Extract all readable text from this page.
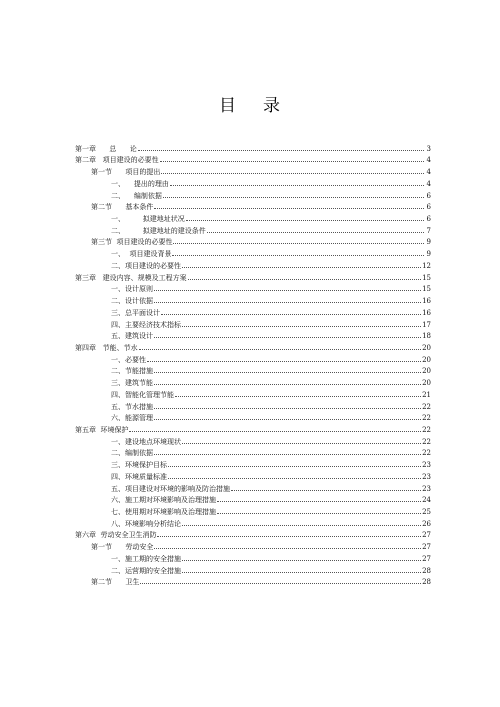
目 录
第一章      总      论	3
第二章   项目建设的必要性	4
第一节      项目的提出	4
一、    提出的理由	4
二、    编制依据	6
第二节      基本条件	6
一、        拟建地址状况	6
二、        拟建地址的建设条件	7
第三节  项目建设的必要性	9
一、  项目建设背景	9
二、项目建设的必要性	12
第三章   建设内容、规模及工程方案	15
一、设计原则	15
二、设计依据	16
三、总平面设计	16
四、主要经济技术指标	17
五、建筑设计	18
第四章   节能、节水	20
一、必要性	20
二、节能措施	20
三、建筑节能	20
四、智能化管理节能	21
五、节水措施	22
六、能源管理	22
第五章  环境保护	22
一、建设地点环境现状	22
二、编制依据	22
三、环境保护目标	23
四、环境质量标准	23
五、项目建设对环境的影响及防治措施	23
六、施工期对环境影响及治理措施	24
七、使用期对环境影响及治理措施	25
八、环境影响分析结论	26
第六章  劳动安全卫生消防	27
第一节      劳动安全	27
一、施工期的安全措施	27
二、运营期的安全措施	28
第二节      卫生	28
